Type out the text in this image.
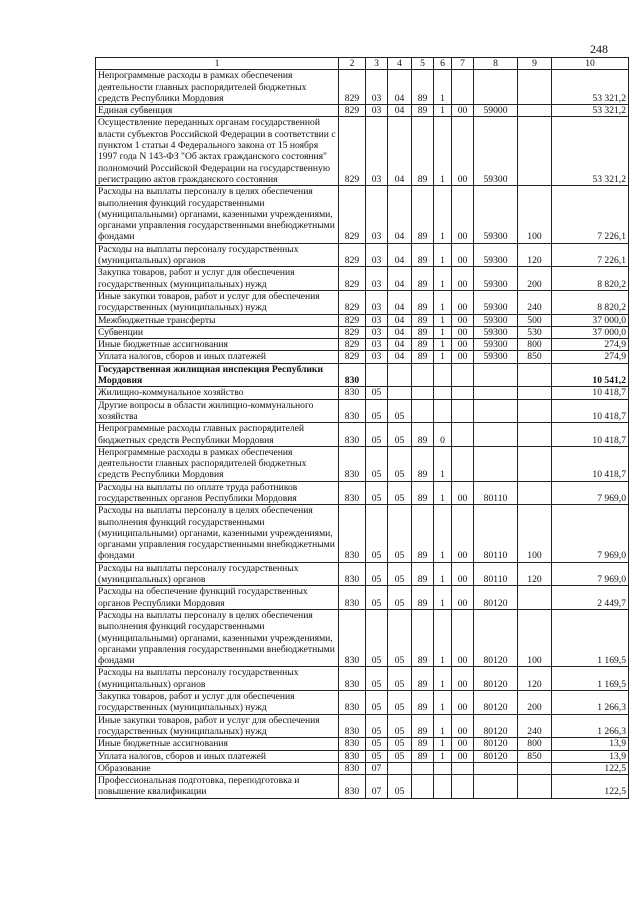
248
1	2	3	4	5	6	7	8	9	10
Непрограммные расходы в рамках обеспечения деятельности главных распорядителей бюджетных средств Республики Мордовия	829	03	04	89	1				53 321,2
Единая субвенция	829	03	04	89	1	00	59000		53 321,2
Осуществление переданных органам государственной власти субъектов Российской Федерации в соответствии с пунктом 1 статьи 4 Федерального закона от 15 ноября 1997 года N 143-ФЗ "Об актах гражданского состояния" полномочий Российской Федерации на государственную регистрацию актов гражданского состояния	829	03	04	89	1	00	59300		53 321,2
Расходы на выплаты персоналу в целях обеспечения выполнения функций государственными (муниципальными) органами, казенными учреждениями, органами управления государственными внебюджетными фондами	829	03	04	89	1	00	59300	100	7 226,1
Расходы на выплаты персоналу государственных (муниципальных) органов	829	03	04	89	1	00	59300	120	7 226,1
Закупка товаров, работ и услуг для обеспечения государственных (муниципальных) нужд	829	03	04	89	1	00	59300	200	8 820,2
Иные закупки товаров, работ и услуг для обеспечения государственных (муниципальных) нужд	829	03	04	89	1	00	59300	240	8 820,2
Межбюджетные трансферты	829	03	04	89	1	00	59300	500	37 000,0
Субвенции	829	03	04	89	1	00	59300	530	37 000,0
Иные бюджетные ассигнования	829	03	04	89	1	00	59300	800	274,9
Уплата налогов, сборов и иных платежей	829	03	04	89	1	00	59300	850	274,9
Государственная жилищная инспекция Республики Мордовия	830								10 541,2
Жилищно-коммунальное хозяйство	830	05							10 418,7
Другие вопросы в области жилищно-коммунального хозяйства	830	05	05						10 418,7
Непрограммные расходы главных распорядителей бюджетных средств Республики Мордовия	830	05	05	89	0				10 418,7
Непрограммные расходы в рамках обеспечения деятельности главных распорядителей бюджетных средств Республики Мордовия	830	05	05	89	1				10 418,7
Расходы на выплаты по оплате труда работников государственных органов Республики Мордовия	830	05	05	89	1	00	80110		7 969,0
Расходы на выплаты персоналу в целях обеспечения выполнения функций государственными (муниципальными) органами, казенными учреждениями, органами управления государственными внебюджетными фондами	830	05	05	89	1	00	80110	100	7 969,0
Расходы на выплаты персоналу государственных (муниципальных) органов	830	05	05	89	1	00	80110	120	7 969,0
Расходы на обеспечение функций государственных органов Республики Мордовия	830	05	05	89	1	00	80120		2 449,7
Расходы на выплаты персоналу в целях обеспечения выполнения функций государственными (муниципальными) органами, казенными учреждениями, органами управления государственными внебюджетными фондами	830	05	05	89	1	00	80120	100	1 169,5
Расходы на выплаты персоналу государственных (муниципальных) органов	830	05	05	89	1	00	80120	120	1 169,5
Закупка товаров, работ и услуг для обеспечения государственных (муниципальных) нужд	830	05	05	89	1	00	80120	200	1 266,3
Иные закупки товаров, работ и услуг для обеспечения государственных (муниципальных) нужд	830	05	05	89	1	00	80120	240	1 266,3
Иные бюджетные ассигнования	830	05	05	89	1	00	80120	800	13,9
Уплата налогов, сборов и иных платежей	830	05	05	89	1	00	80120	850	13,9
Образование	830	07							122,5
Профессиональная подготовка, переподготовка и повышение квалификации	830	07	05						122,5
